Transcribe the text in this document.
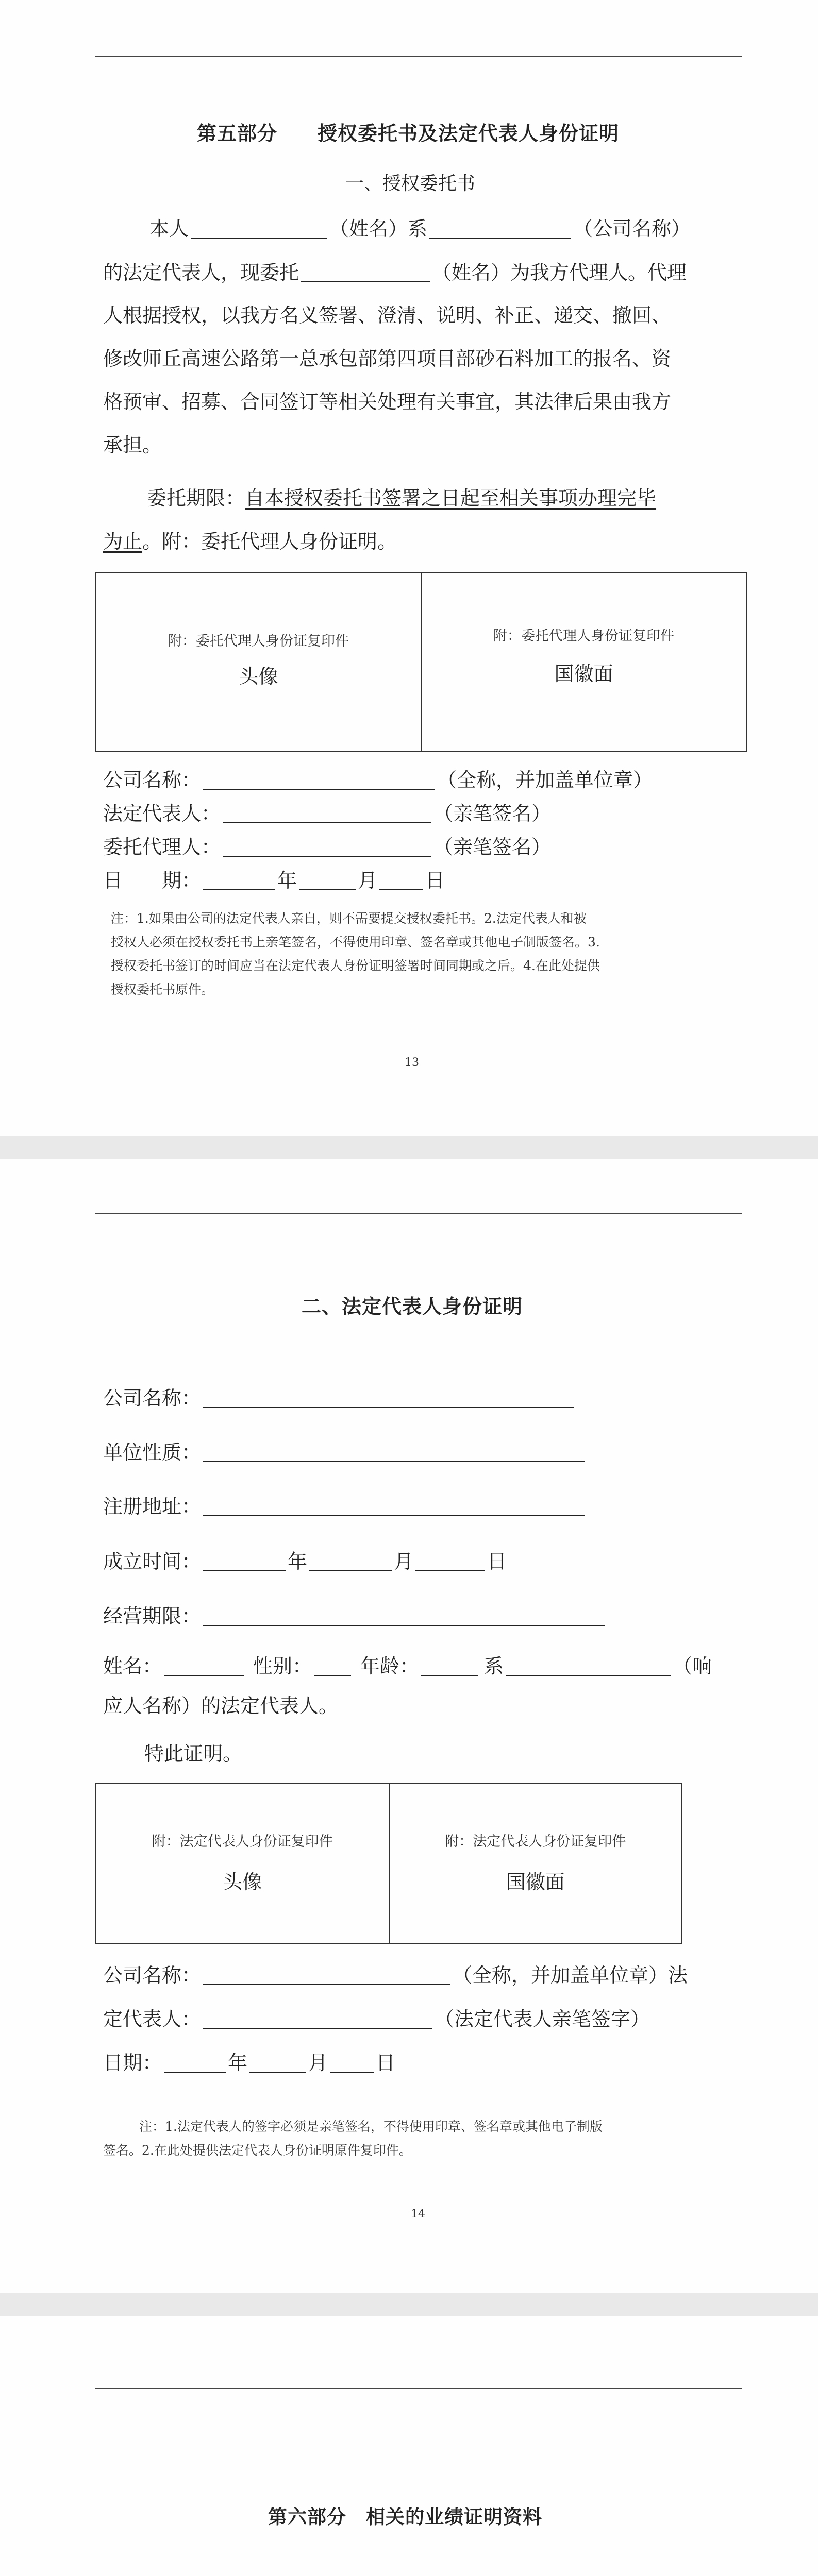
第五部分　　授权委托书及法定代表人身份证明
一、授权委托书
本人	（姓名）系	（公司名称）
的法定代表人，现委托	（姓名）为我方代理人。代理
人根据授权，以我方名义签署、澄清、说明、补正、递交、撤回、
修改师丘高速公路第一总承包部第四项目部砂石料加工的报名、资
格预审、招募、合同签订等相关处理有关事宜，其法律后果由我方
承担。
委托期限：自本授权委托书签署之日起至相关事项办理完毕
为止。附：委托代理人身份证明。
附：委托代理人身份证复印件
头像
附：委托代理人身份证复印件
国徽面
公司名称：	（全称，并加盖单位章）
法定代表人：	（亲笔签名）
委托代理人：	（亲笔签名）
日　　期：	年	月 日
注：1.如果由公司的法定代表人亲自，则不需要提交授权委托书。2.法定代表人和被
授权人必须在授权委托书上亲笔签名，不得使用印章、签名章或其他电子制版签名。3.
授权委托书签订的时间应当在法定代表人身份证明签署时间同期或之后。4.在此处提供
授权委托书原件。
13
二、法定代表人身份证明
公司名称：
单位性质：
注册地址：
成立时间：	年	月	日
经营期限：
姓名：	性别： 年龄：	系	（响
应人名称）的法定代表人。
特此证明。
附：法定代表人身份证复印件
头像
附：法定代表人身份证复印件
国徽面
公司名称：	（全称，并加盖单位章）法
定代表人：	（法定代表人亲笔签字）
日期：	年	月 日
注：1.法定代表人的签字必须是亲笔签名，不得使用印章、签名章或其他电子制版
签名。2.在此处提供法定代表人身份证明原件复印件。
14
第六部分　相关的业绩证明资料
